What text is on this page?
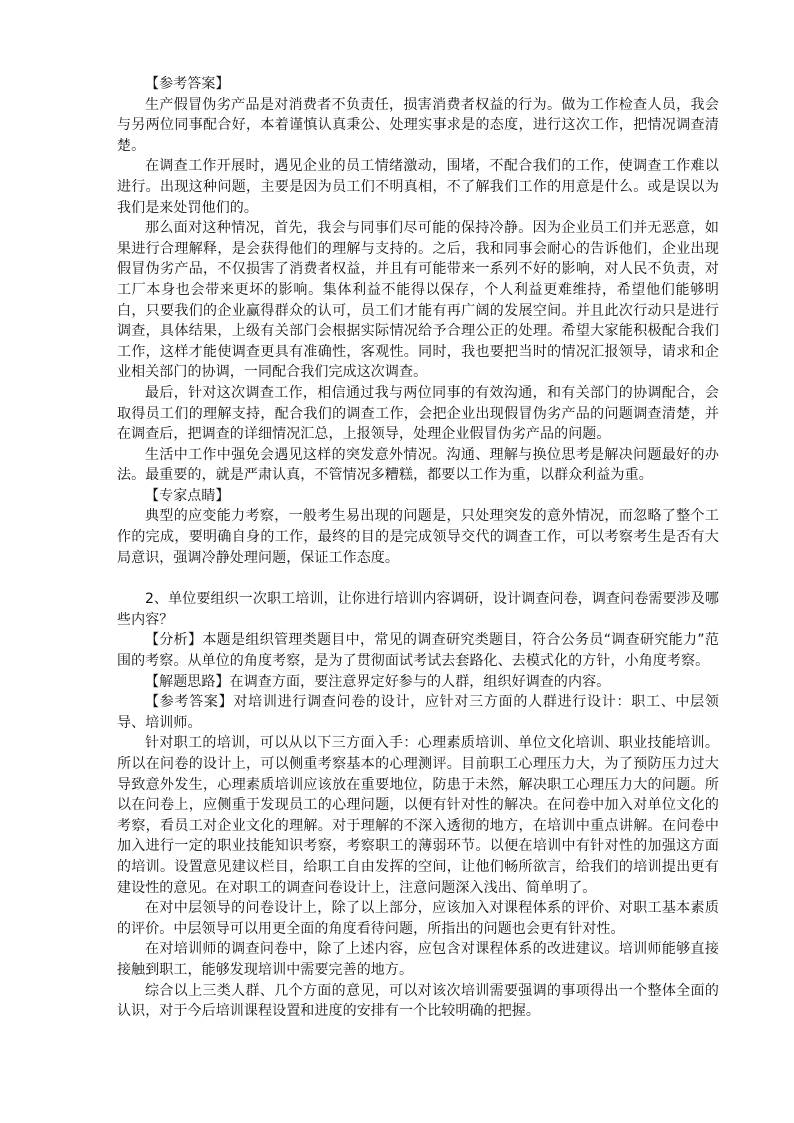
【参考答案】

生产假冒伪劣产品是对消费者不负责任，损害消费者权益的行为。做为工作检查人员，我会与另两位同事配合好，本着谨慎认真秉公、处理实事求是的态度，进行这次工作，把情况调查清楚。

在调查工作开展时，遇见企业的员工情绪激动，围堵，不配合我们的工作，使调查工作难以进行。出现这种问题，主要是因为员工们不明真相，不了解我们工作的用意是什么。或是误以为我们是来处罚他们的。

那么面对这种情况，首先，我会与同事们尽可能的保持冷静。因为企业员工们并无恶意，如果进行合理解释，是会获得他们的理解与支持的。之后，我和同事会耐心的告诉他们，企业出现假冒伪劣产品，不仅损害了消费者权益，并且有可能带来一系列不好的影响，对人民不负责，对工厂本身也会带来更坏的影响。集体利益不能得以保存，个人利益更难维持，希望他们能够明白，只要我们的企业赢得群众的认可，员工们才能有再广阔的发展空间。并且此次行动只是进行调查，具体结果，上级有关部门会根据实际情况给予合理公正的处理。希望大家能积极配合我们工作，这样才能使调查更具有准确性，客观性。同时，我也要把当时的情况汇报领导，请求和企业相关部门的协调，一同配合我们完成这次调查。

最后，针对这次调查工作，相信通过我与两位同事的有效沟通，和有关部门的协调配合，会取得员工们的理解支持，配合我们的调查工作，会把企业出现假冒伪劣产品的问题调查清楚，并在调查后，把调查的详细情况汇总，上报领导，处理企业假冒伪劣产品的问题。

生活中工作中强免会遇见这样的突发意外情况。沟通、理解与换位思考是解决问题最好的办法。最重要的，就是严肃认真，不管情况多糟糕，都要以工作为重，以群众利益为重。

【专家点睛】

典型的应变能力考察，一般考生易出现的问题是，只处理突发的意外情况，而忽略了整个工作的完成，要明确自身的工作，最终的目的是完成领导交代的调查工作，可以考察考生是否有大局意识，强调冷静处理问题，保证工作态度。

2、单位要组织一次职工培训，让你进行培训内容调研，设计调查问卷，调查问卷需要涉及哪些内容？

【分析】本题是组织管理类题目中，常见的调查研究类题目，符合公务员“调查研究能力”范围的考察。从单位的角度考察，是为了贯彻面试考试去套路化、去模式化的方针，小角度考察。

【解题思路】在调查方面，要注意界定好参与的人群，组织好调查的内容。

【参考答案】对培训进行调查问卷的设计，应针对三方面的人群进行设计：职工、中层领导、培训师。

针对职工的培训，可以从以下三方面入手：心理素质培训、单位文化培训、职业技能培训。所以在问卷的设计上，可以侧重考察基本的心理测评。目前职工心理压力大，为了预防压力过大导致意外发生，心理素质培训应该放在重要地位，防患于未然，解决职工心理压力大的问题。所以在问卷上，应侧重于发现员工的心理问题，以便有针对性的解决。在问卷中加入对单位文化的考察，看员工对企业文化的理解。对于理解的不深入透彻的地方，在培训中重点讲解。在问卷中加入进行一定的职业技能知识考察，考察职工的薄弱环节。以便在培训中有针对性的加强这方面的培训。设置意见建议栏目，给职工自由发挥的空间，让他们畅所欲言，给我们的培训提出更有建设性的意见。在对职工的调查问卷设计上，注意问题深入浅出、简单明了。

在对中层领导的问卷设计上，除了以上部分，应该加入对课程体系的评价、对职工基本素质的评价。中层领导可以用更全面的角度看待问题，所指出的问题也会更有针对性。

在对培训师的调查问卷中，除了上述内容，应包含对课程体系的改进建议。培训师能够直接接触到职工，能够发现培训中需要完善的地方。

综合以上三类人群、几个方面的意见，可以对该次培训需要强调的事项得出一个整体全面的认识，对于今后培训课程设置和进度的安排有一个比较明确的把握。
